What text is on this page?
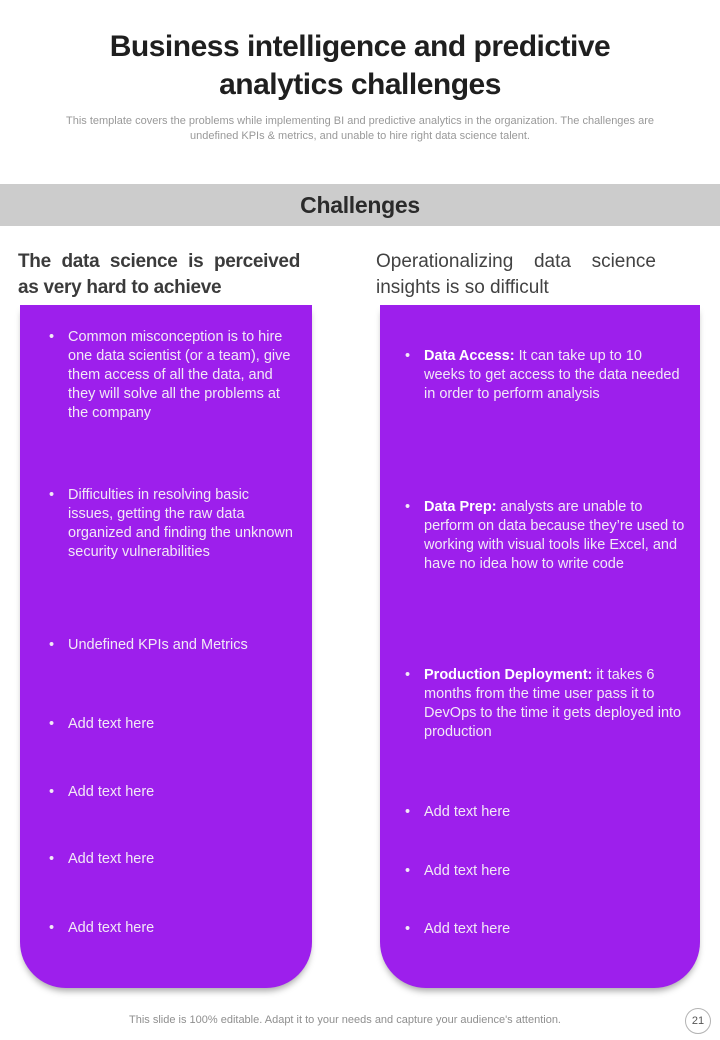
Business intelligence and predictive analytics challenges

This template covers the problems while implementing BI and predictive analytics in the organization. The challenges are undefined KPIs & metrics, and unable to hire right data science talent.

Challenges
The data science is perceived as very hard to achieve
Operationalizing data science insights is so difficult
• Common misconception is to hire one data scientist (or a team), give them access of all the data, and they will solve all the problems at the company
• Difficulties in resolving basic issues, getting the raw data organized and finding the unknown security vulnerabilities
• Undefined KPIs and Metrics
• Add text here
• Add text here
• Add text here
• Add text here
• Data Access: It can take up to 10 weeks to get access to the data needed in order to perform analysis
• Data Prep: analysts are unable to perform on data because they’re used to working with visual tools like Excel, and have no idea how to write code
• Production Deployment: it takes 6 months from the time user pass it to DevOps to the time it gets deployed into production
• Add text here
• Add text here
• Add text here

This slide is 100% editable. Adapt it to your needs and capture your audience's attention.	21
